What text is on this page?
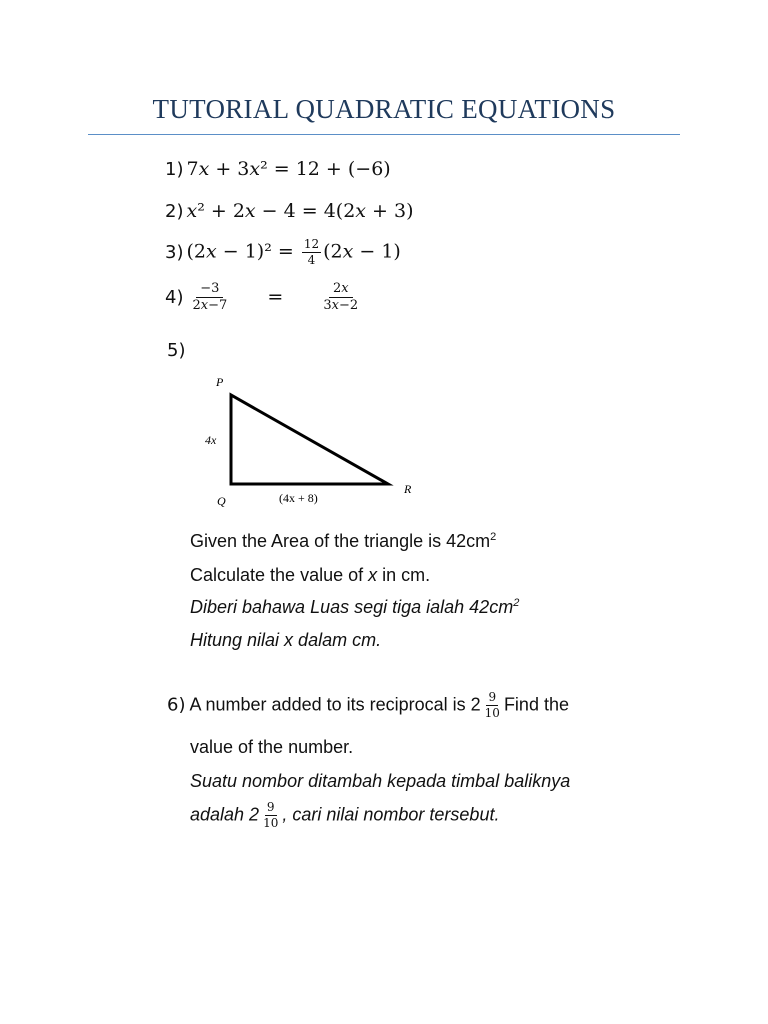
TUTORIAL QUADRATIC EQUATIONS
1) 7𝑥 + 3𝑥² = 12 + (−6)
2) 𝑥² + 2𝑥 − 4 = 4(2𝑥 + 3)
3) (2𝑥 − $1)^2 = \frac{12}{4}$ (2𝑥 − 1)
$4) \frac{-3}{\text{2𝑥−7}}$ =	$\frac{\text{2𝑥}}{\text{3𝑥−2}}$
5)
P
Q
R
4x
(4x + 8)
Given the Area of the triangle is $42cm^2$
Calculate the value of x in cm.
Diberi bahawa Luas segi tiga ialah $42cm^2$
Hitung nilai x dalam cm.
6) A number added to its reciprocal is $2 \frac{9}{10}$ Find the
value of the number.
Suatu nombor ditambah kepada timbal baliknya
adalah $2 \frac{9}{10}$ , cari nilai nombor tersebut.
